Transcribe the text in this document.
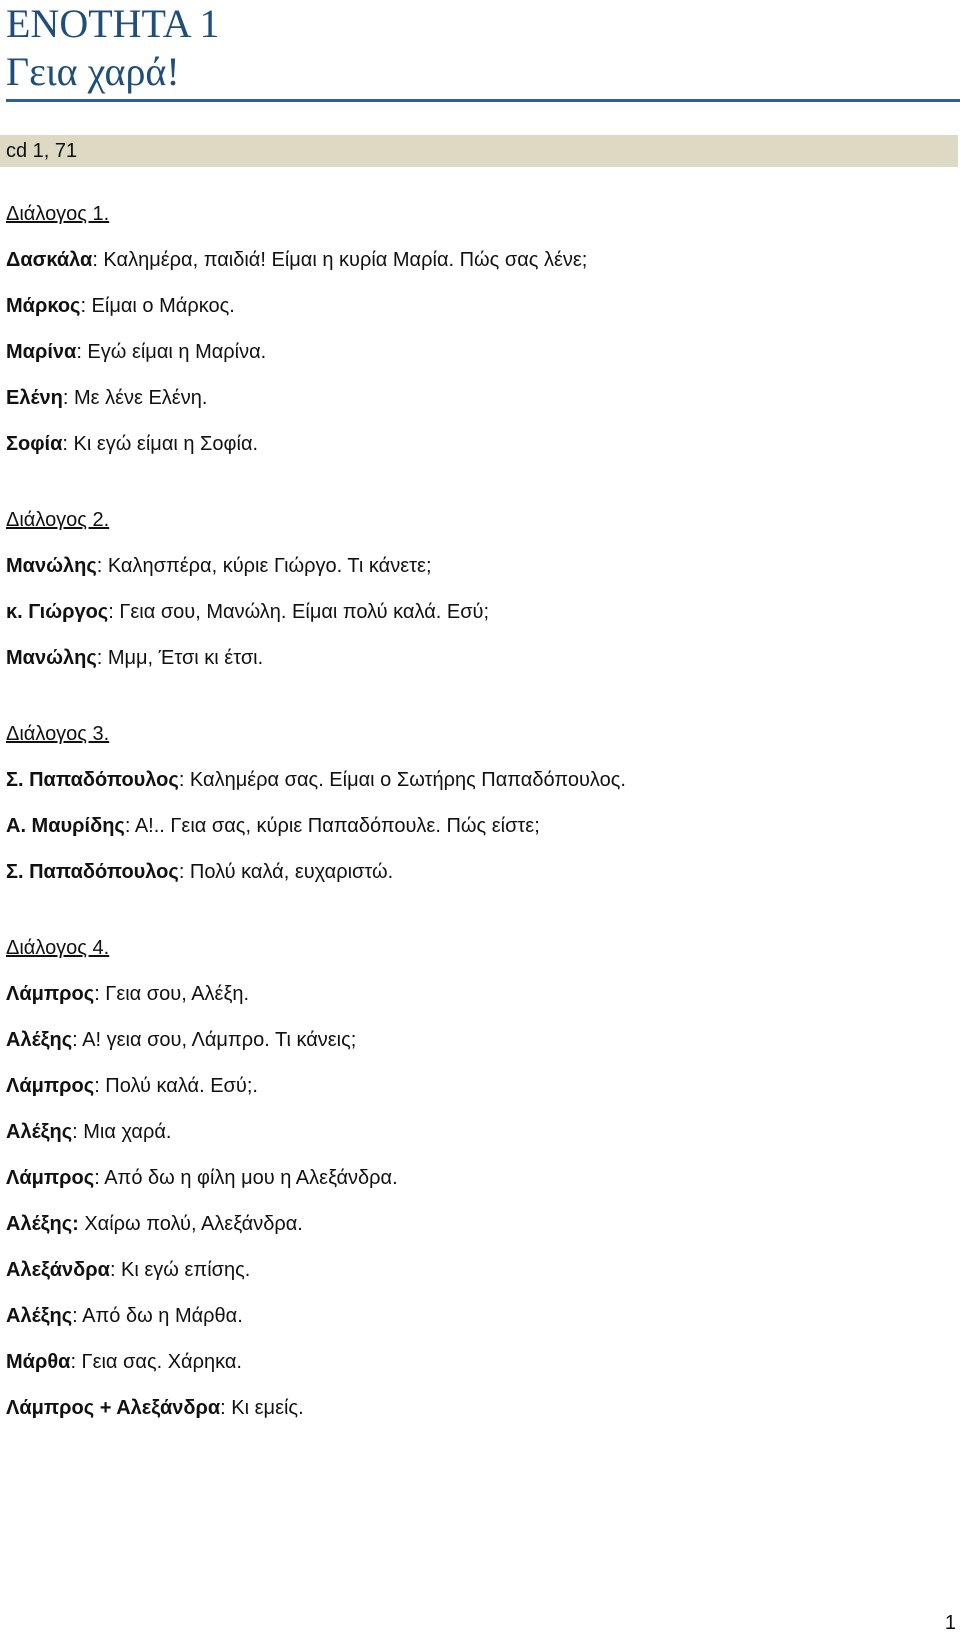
ΕΝΟΤΗΤΑ 1
Γεια χαρά!
cd 1, 71

Διάλογος 1.

Δασκάλα: Καλημέρα, παιδιά! Είμαι η κυρία Μαρία. Πώς σας λένε;

Μάρκος: Είμαι ο Μάρκος.

Μαρίνα: Εγώ είμαι η Μαρίνα.

Ελένη: Με λένε Ελένη.

Σοφία: Κι εγώ είμαι η Σοφία.

Διάλογος 2.

Μανώλης: Καλησπέρα, κύριε Γιώργο. Τι κάνετε;

κ. Γιώργος: Γεια σου, Μανώλη. Είμαι πολύ καλά. Εσύ;

Μανώλης: Μμμ, Έτσι κι έτσι.

Διάλογος 3.

Σ. Παπαδόπουλος: Καλημέρα σας. Είμαι ο Σωτήρης Παπαδόπουλος.

Α. Μαυρίδης: Α!.. Γεια σας, κύριε Παπαδόπουλε. Πώς είστε;

Σ. Παπαδόπουλος: Πολύ καλά, ευχαριστώ.

Διάλογος 4.

Λάμπρος: Γεια σου, Αλέξη.

Αλέξης: Α! γεια σου, Λάμπρο. Τι κάνεις;

Λάμπρος: Πολύ καλά. Εσύ;.

Αλέξης: Μια χαρά.

Λάμπρος: Από δω η φίλη μου η Αλεξάνδρα.

Αλέξης: Χαίρω πολύ, Αλεξάνδρα.

Αλεξάνδρα: Κι εγώ επίσης.

Αλέξης: Από δω η Μάρθα.

Μάρθα: Γεια σας. Χάρηκα.

Λάμπρος + Αλεξάνδρα: Κι εμείς.

1
